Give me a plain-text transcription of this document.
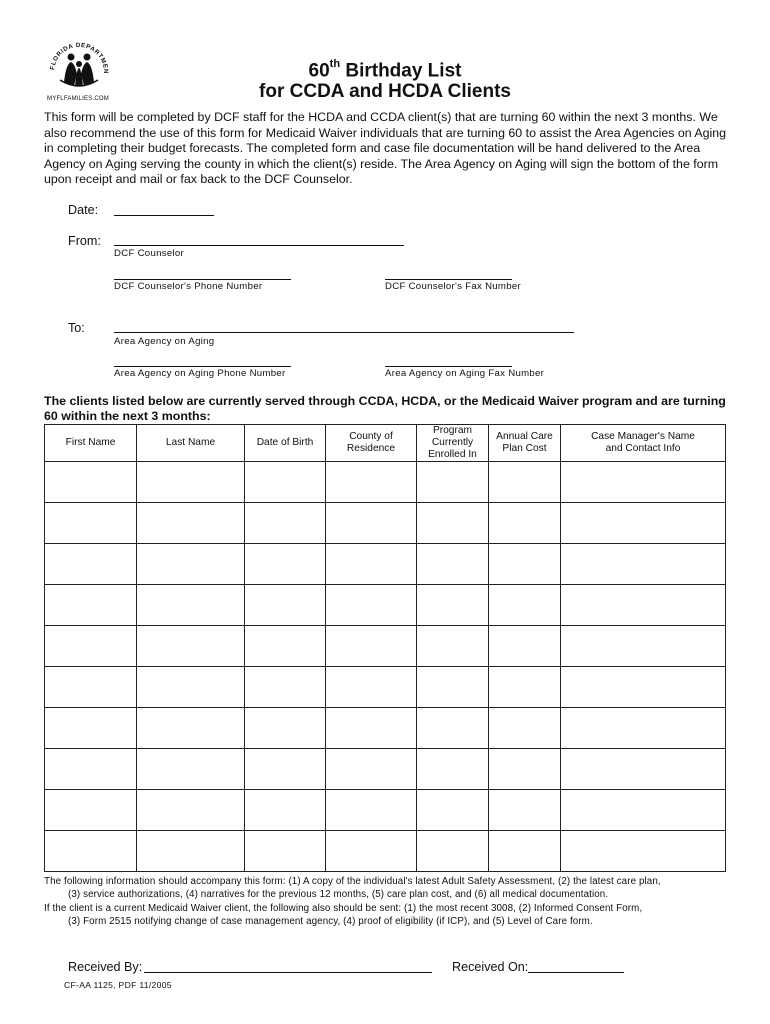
FLORIDA DEPARTMEN
MYFLFAMILIES.COM
60th Birthday List
for CCDA and HCDA Clients
This form will be completed by DCF staff for the HCDA and CCDA client(s) that are turning 60 within the next 3 months. We also recommend the use of this form for Medicaid Waiver individuals that are turning 60 to assist the Area Agencies on Aging in completing their budget forecasts. The completed form and case file documentation will be hand delivered to the Area Agency on Aging serving the county in which the client(s) reside. The Area Agency on Aging will sign the bottom of the form upon receipt and mail or fax back to the DCF Counselor.
Date:
From:
DCF Counselor
DCF Counselor's Phone Number	DCF Counselor's Fax Number
To:
Area Agency on Aging
Area Agency on Aging Phone Number	Area Agency on Aging Fax Number
The clients listed below are currently served through CCDA, HCDA, or the Medicaid Waiver program and are turning 60 within the next 3 months:
First Name	Last Name	Date of Birth	County of Residence	Program Currently Enrolled In	Annual Care Plan Cost	Case Manager's Name and Contact Info

The following information should accompany this form: (1) A copy of the individual's latest Adult Safety Assessment, (2) the latest care plan,
(3) service authorizations, (4) narratives for the previous 12 months, (5) care plan cost, and (6) all medical documentation.
If the client is a current Medicaid Waiver client, the following also should be sent: (1) the most recent 3008, (2) Informed Consent Form,
(3) Form 2515 notifying change of case management agency, (4) proof of eligibility (if ICP), and (5) Level of Care form.
Received By:	Received On:
CF-AA 1125, PDF 11/2005
